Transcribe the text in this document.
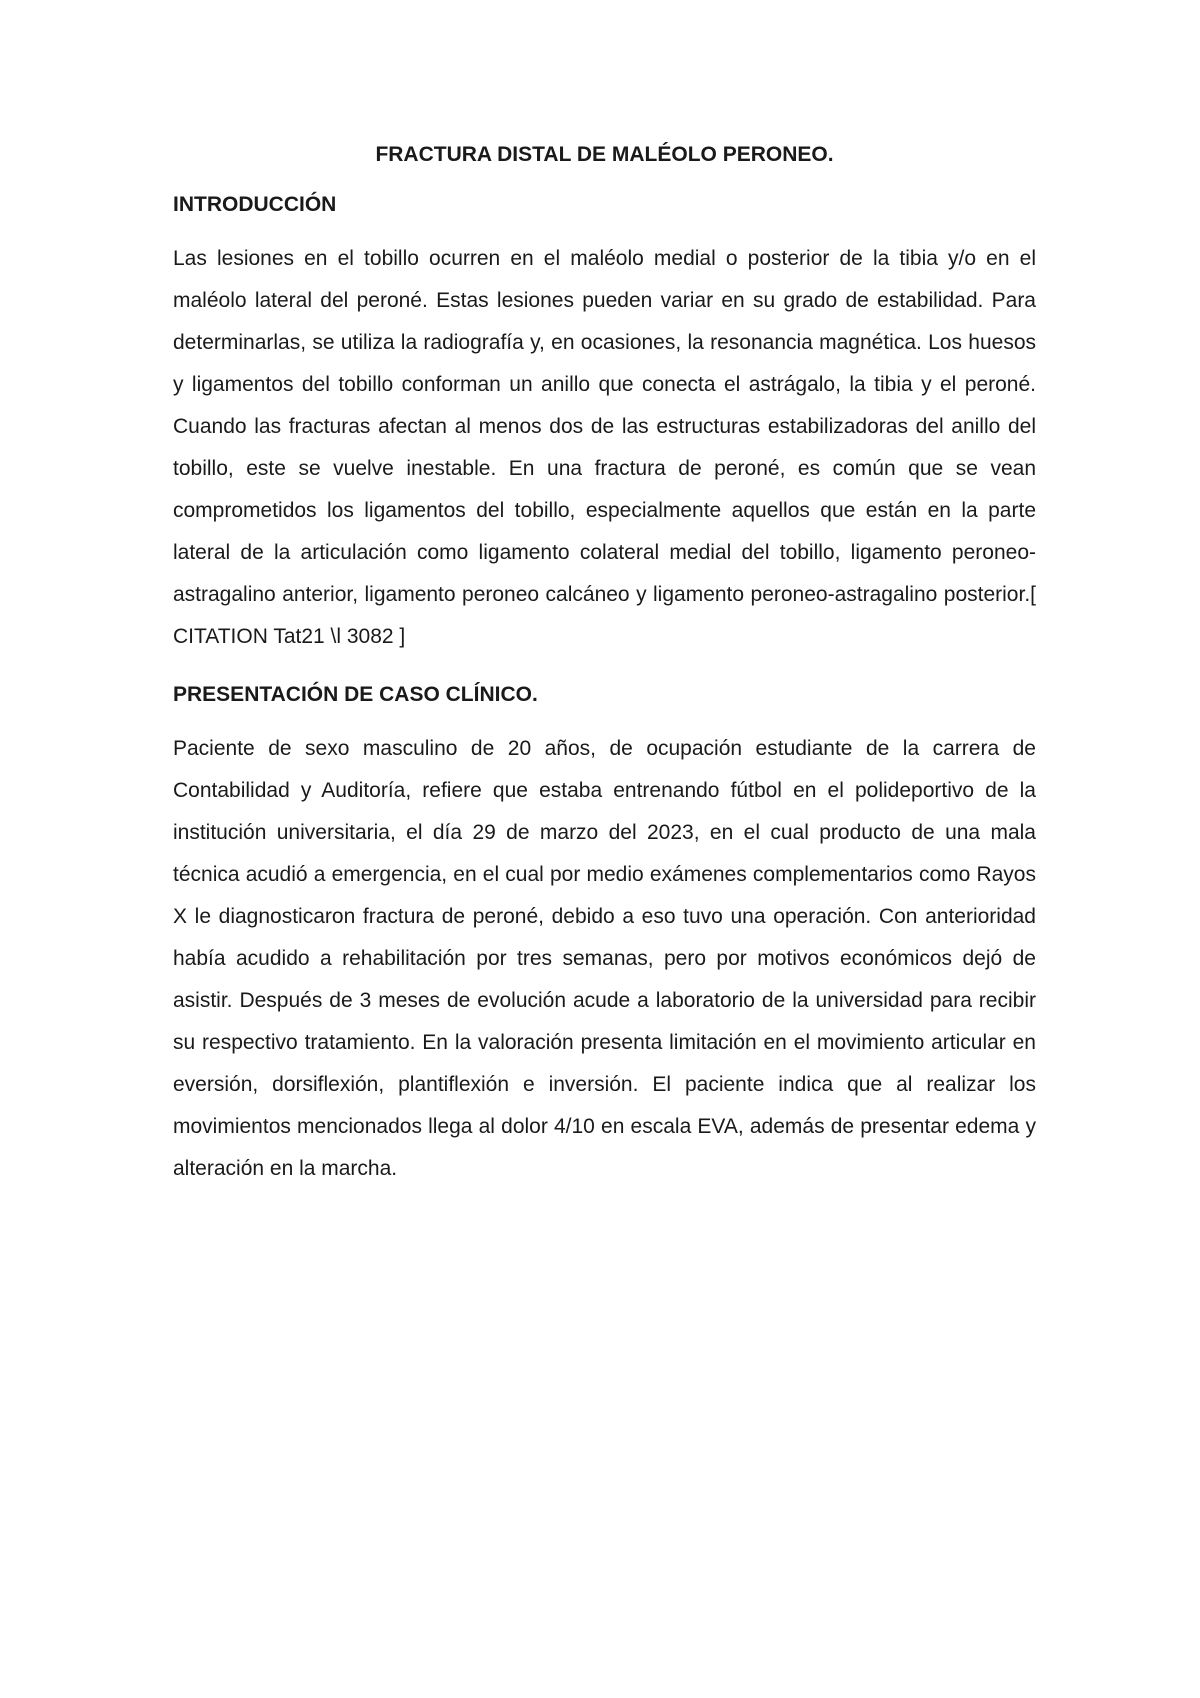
FRACTURA DISTAL DE MALÉOLO PERONEO.
INTRODUCCIÓN

Las lesiones en el tobillo ocurren en el maléolo medial o posterior de la tibia y/o en el maléolo lateral del peroné. Estas lesiones pueden variar en su grado de estabilidad. Para determinarlas, se utiliza la radiografía y, en ocasiones, la resonancia magnética. Los huesos y ligamentos del tobillo conforman un anillo que conecta el astrágalo, la tibia y el peroné. Cuando las fracturas afectan al menos dos de las estructuras estabilizadoras del anillo del tobillo, este se vuelve inestable. En una fractura de peroné, es común que se vean comprometidos los ligamentos del tobillo, especialmente aquellos que están en la parte lateral de la articulación como ligamento colateral medial del tobillo, ligamento peroneo-astragalino anterior, ligamento peroneo calcáneo y ligamento peroneo-astragalino posterior.[ CITATION Tat21 \l 3082 ]

PRESENTACIÓN DE CASO CLÍNICO.

Paciente de sexo masculino de 20 años, de ocupación estudiante de la carrera de Contabilidad y Auditoría, refiere que estaba entrenando fútbol en el polideportivo de la institución universitaria, el día 29 de marzo del 2023, en el cual producto de una mala técnica acudió a emergencia, en el cual por medio exámenes complementarios como Rayos X le diagnosticaron fractura de peroné, debido a eso tuvo una operación. Con anterioridad había acudido a rehabilitación por tres semanas, pero por motivos económicos dejó de asistir. Después de 3 meses de evolución acude a laboratorio de la universidad para recibir su respectivo tratamiento. En la valoración presenta limitación en el movimiento articular en eversión, dorsiflexión, plantiflexión e inversión. El paciente indica que al realizar los movimientos mencionados llega al dolor 4/10 en escala EVA, además de presentar edema y alteración en la marcha.
